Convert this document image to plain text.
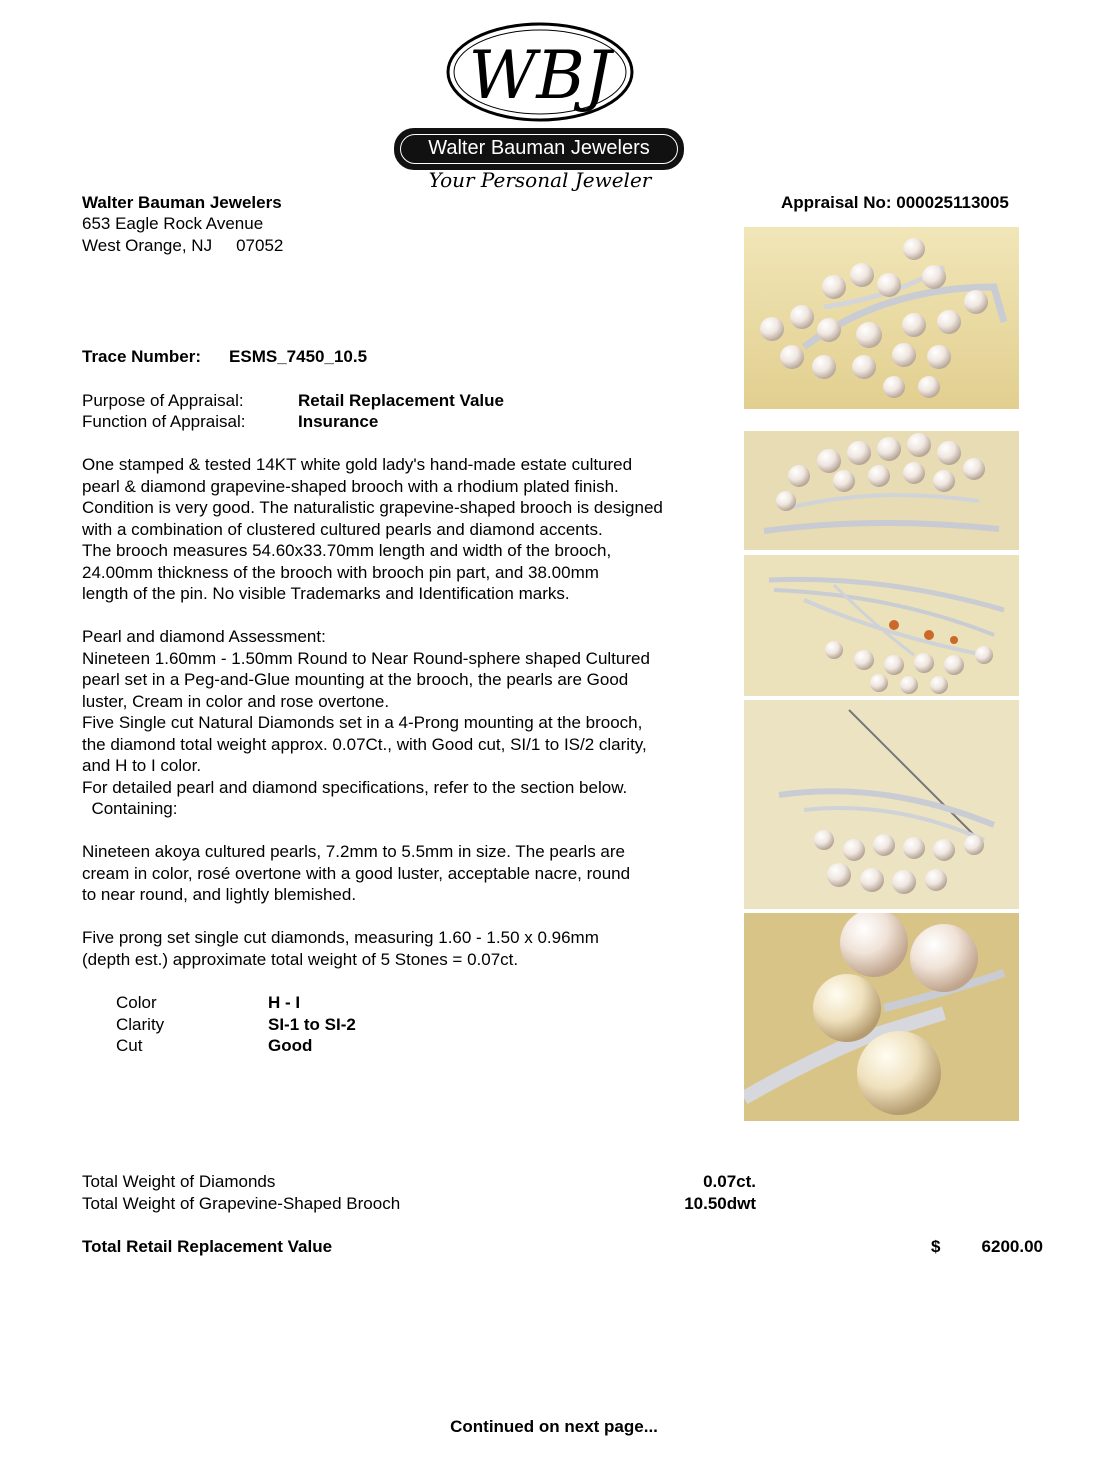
WBJ
Walter Bauman Jewelers
Your Personal Jeweler
Walter Bauman Jewelers
653 Eagle Rock Avenue
West Orange, NJ 07052
Appraisal No: 000025113005
Trace Number: ESMS_7450_10.5
Purpose of Appraisal:	Retail Replacement Value
Function of Appraisal:	Insurance
One stamped & tested 14KT white gold lady's hand-made estate cultured
pearl & diamond grapevine-shaped brooch with a rhodium plated finish.
Condition is very good. The naturalistic grapevine-shaped brooch is designed
with a combination of clustered cultured pearls and diamond accents.
The brooch measures 54.60x33.70mm length and width of the brooch,
24.00mm thickness of the brooch with brooch pin part, and 38.00mm
length of the pin. No visible Trademarks and Identification marks.
Pearl and diamond Assessment:
Nineteen 1.60mm - 1.50mm Round to Near Round-sphere shaped Cultured
pearl set in a Peg-and-Glue mounting at the brooch, the pearls are Good
luster, Cream in color and rose overtone.
Five Single cut Natural Diamonds set in a 4-Prong mounting at the brooch,
the diamond total weight approx. 0.07Ct., with Good cut, SI/1 to IS/2 clarity,
and H to I color.
For detailed pearl and diamond specifications, refer to the section below.
Containing:
Nineteen akoya cultured pearls, 7.2mm to 5.5mm in size. The pearls are
cream in color, rosé overtone with a good luster, acceptable nacre, round
to near round, and lightly blemished.
Five prong set single cut diamonds, measuring 1.60 - 1.50 x 0.96mm
(depth est.) approximate total weight of 5 Stones = 0.07ct.
Color	H - I
Clarity	SI-1 to SI-2
Cut	Good
Total Weight of Diamonds	0.07ct.
Total Weight of Grapevine-Shaped Brooch	10.50dwt
Total Retail Replacement Value	$ 6200.00
Continued on next page...
